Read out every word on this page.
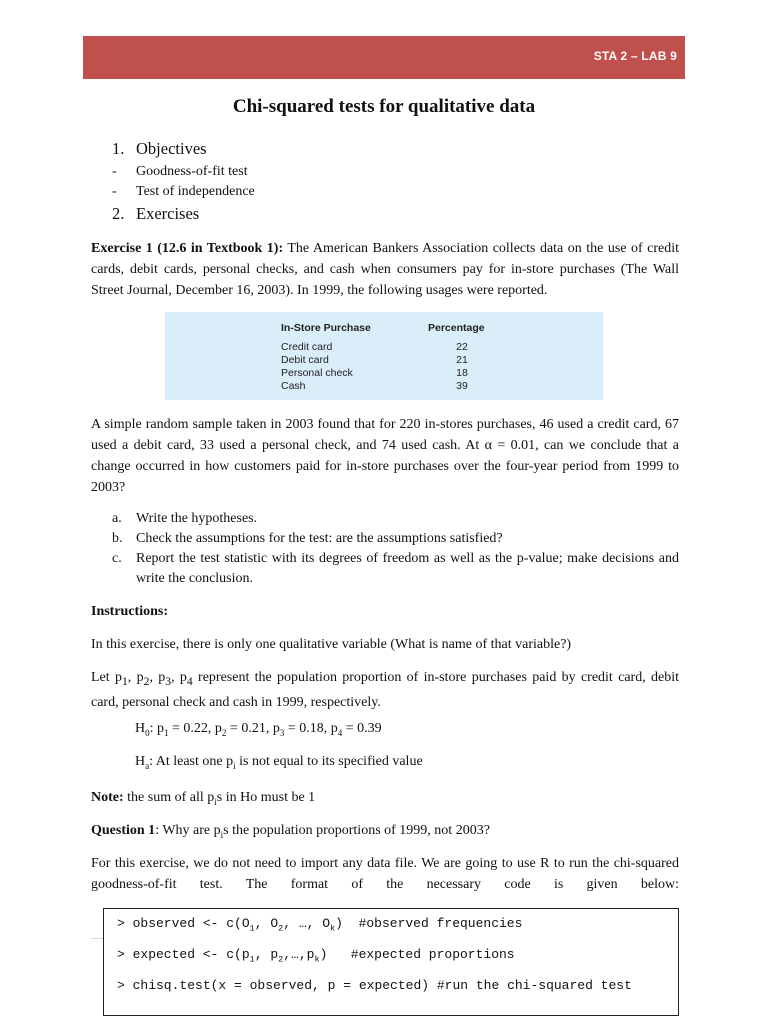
STA 2 – LAB 9
Chi-squared tests for qualitative data
1. Objectives
- Goodness-of-fit test
- Test of independence
2. Exercises
Exercise 1 (12.6 in Textbook 1): The American Bankers Association collects data on the use of credit cards, debit cards, personal checks, and cash when consumers pay for in-store purchases (The Wall Street Journal, December 16, 2003). In 1999, the following usages were reported.
In-Store Purchase	Percentage
Credit card	22
Debit card	21
Personal check	18
Cash	39
A simple random sample taken in 2003 found that for 220 in-stores purchases, 46 used a credit card, 67 used a debit card, 33 used a personal check, and 74 used cash. At α = 0.01, can we conclude that a change occurred in how customers paid for in-store purchases over the four-year period from 1999 to 2003?
a. Write the hypotheses.
b. Check the assumptions for the test: are the assumptions satisfied?
c. Report the test statistic with its degrees of freedom as well as the p-value; make decisions and write the conclusion.
Instructions:
In this exercise, there is only one qualitative variable (What is name of that variable?)
Let $p_1$, $p_2$, $p_3$, $p_4$ represent the population proportion of in-store purchases paid by credit card, debit card, personal check and cash in 1999, respectively.
$H_0$: $p_1 = 0.22$, $p_2 = 0.21$, $p_3 = 0.18$, $p_4 = 0.39$
$H_a$: At least one $p_i$ is not equal to its specified value
Note: the sum of all $p_is$ in Ho must be 1
Question 1: Why are $p_is$ the population proportions of 1999, not 2003?
For this exercise, we do not need to import any data file. We are going to use R to run the chi-squared goodness-of-fit test. The format of the necessary code is given below:
> observed <- $c(O_1$, $O_2$, …, $O_k$)  #observed frequencies
> expected <- $c(p_1$, $p_2,\dots,p_k$)   #expected proportions
> chisq.test(x = observed, p = expected) #run the chi-squared test
